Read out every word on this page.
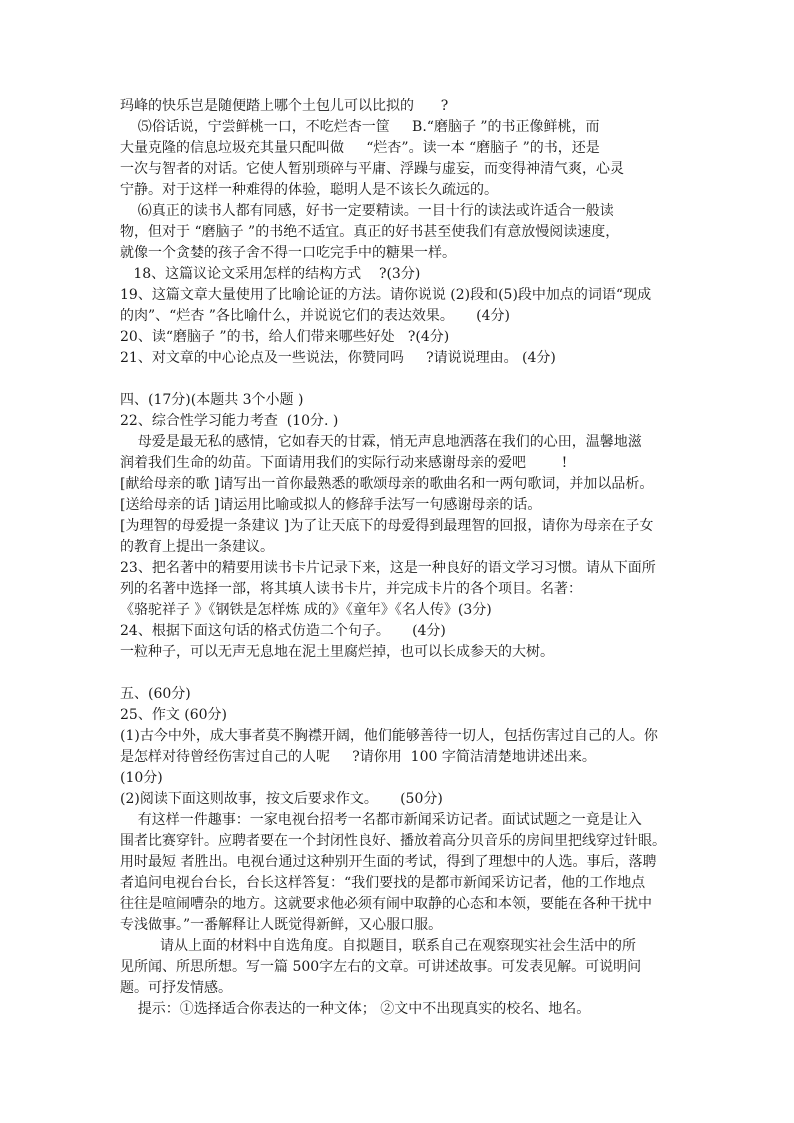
玛峰的快乐岂是随便踏上哪个土包儿可以比拟的      ?
⑸俗话说，宁尝鲜桃一口，不吃烂杏一筐     B.“磨脑子 ”的书正像鲜桃，而
大量克隆的信息垃圾充其量只配叫做     “烂杏”。读一本 “磨脑子 ”的书，还是
一次与智者的对话。它使人暂别琐碎与平庸、浮躁与虚妄，而变得神清气爽，心灵
宁静。对于这样一种难得的体验，聪明人是不该长久疏远的。
⑹真正的读书人都有同感，好书一定要精读。一目十行的读法或许适合一般读
物，但对于 “磨脑子 ”的书绝不适宜。真正的好书甚至使我们有意放慢阅读速度，
就像一个贪婪的孩子舍不得一口吃完手中的糖果一样。
18、这篇议论文采用怎样的结构方式    ?(3分)
19、这篇文章大量使用了比喻论证的方法。请你说说 (2)段和(5)段中加点的词语“现成
的肉”、“烂杏 ”各比喻什么，并说说它们的表达效果。     (4分)
20、读“磨脑子 ”的书，给人们带来哪些好处   ?(4分)
21、对文章的中心论点及一些说法，你赞同吗     ?请说说理由。 (4分)
四、(17分)(本题共 3个小题 )
22、综合性学习能力考查  (10分. )
母爱是最无私的感情，它如春天的甘霖，悄无声息地洒落在我们的心田，温馨地滋
润着我们生命的幼苗。下面请用我们的实际行动来感谢母亲的爱吧        !
[献给母亲的歌 ]请写出一首你最熟悉的歌颂母亲的歌曲名和一两句歌词，并加以品析。
[送给母亲的话 ]请运用比喻或拟人的修辞手法写一句感谢母亲的话。
[为理智的母爱提一条建议 ]为了让天底下的母爱得到最理智的回报，请你为母亲在子女
的教育上提出一条建议。
23、把名著中的精要用读书卡片记录下来，这是一种良好的语文学习习惯。请从下面所
列的名著中选择一部，将其填人读书卡片，并完成卡片的各个项目。名著：
《骆驼祥子 》《钢铁是怎样炼 成的》《童年》《名人传》(3分)
24、根据下面这句话的格式仿造二个句子。     (4分)
一粒种子，可以无声无息地在泥土里腐烂掉，也可以长成参天的大树。
五、(60分)
25、作文 (60分)
(1)古今中外，成大事者莫不胸襟开阔，他们能够善待一切人，包括伤害过自己的人。你
是怎样对待曾经伤害过自己的人呢     ?请你用  100 字简洁清楚地讲述出来。
(10分)
(2)阅读下面这则故事，按文后要求作文。     (50分)
有这样一件趣事：一家电视台招考一名都市新闻采访记者。面试试题之一竟是让入
围者比赛穿针。应聘者要在一个封闭性良好、播放着高分贝音乐的房间里把线穿过针眼。
用时最短 者胜出。电视台通过这种别开生面的考试，得到了理想中的人选。事后，落聘
者追问电视台台长，台长这样答复：“我们要找的是都市新闻采访记者，他的工作地点
往往是喧闹嘈杂的地方。这就要求他必须有闹中取静的心态和本领，要能在各种干扰中
专浅做事。”一番解释让人既觉得新鲜，又心服口服。
请从上面的材料中自选角度。自拟题目，联系自己在观察现实社会生活中的所
见所闻、所思所想。写一篇 500字左右的文章。可讲述故事。可发表见解。可说明问
题。可抒发情感。
提示：①选择适合你表达的一种文体； ②文中不出现真实的校名、地名。
